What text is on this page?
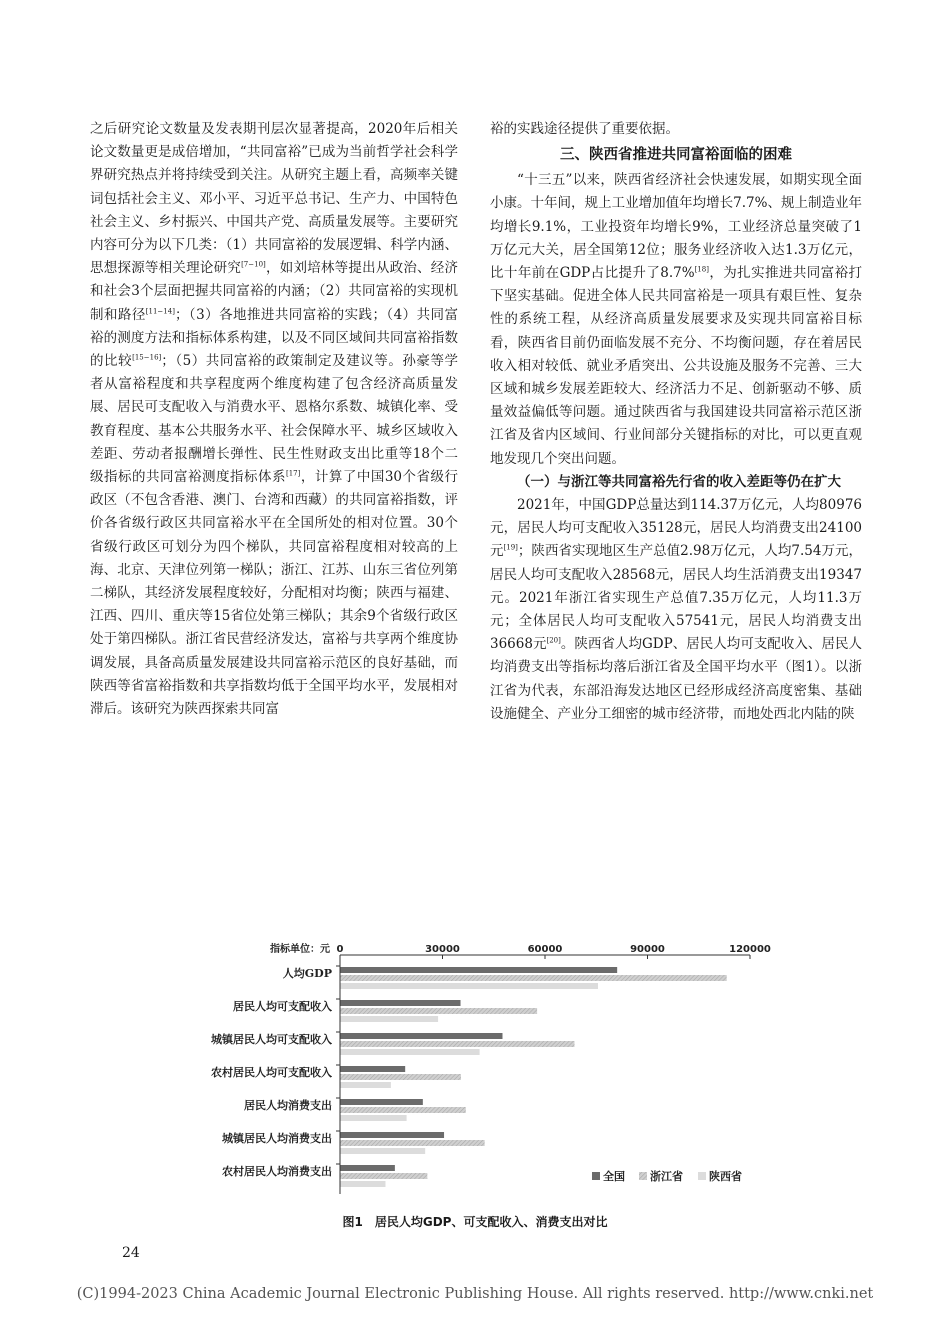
之后研究论文数量及发表期刊层次显著提高，2020年后相关论文数量更是成倍增加，“共同富裕”已成为当前哲学社会科学界研究热点并将持续受到关注。从研究主题上看，高频率关键词包括社会主义、邓小平、习近平总书记、生产力、中国特色社会主义、乡村振兴、中国共产党、高质量发展等。主要研究内容可分为以下几类：（1）共同富裕的发展逻辑、科学内涵、思想探源等相关理论研究[7−10]，如刘培林等提出从政治、经济和社会3个层面把握共同富裕的内涵；（2）共同富裕的实现机制和路径[11−14]；（3）各地推进共同富裕的实践；（4）共同富裕的测度方法和指标体系构建，以及不同区域间共同富裕指数的比较[15−16]；（5）共同富裕的政策制定及建议等。孙豪等学者从富裕程度和共享程度两个维度构建了包含经济高质量发展、居民可支配收入与消费水平、恩格尔系数、城镇化率、受教育程度、基本公共服务水平、社会保障水平、城乡区域收入差距、劳动者报酬增长弹性、民生性财政支出比重等18个二级指标的共同富裕测度指标体系[17]，计算了中国30个省级行政区（不包含香港、澳门、台湾和西藏）的共同富裕指数，评价各省级行政区共同富裕水平在全国所处的相对位置。30个省级行政区可划分为四个梯队，共同富裕程度相对较高的上海、北京、天津位列第一梯队；浙江、江苏、山东三省位列第二梯队，其经济发展程度较好，分配相对均衡；陕西与福建、江西、四川、重庆等15省位处第三梯队；其余9个省级行政区处于第四梯队。浙江省民营经济发达，富裕与共享两个维度协调发展，具备高质量发展建设共同富裕示范区的良好基础，而陕西等省富裕指数和共享指数均低于全国平均水平，发展相对滞后。该研究为陕西探索共同富

裕的实践途径提供了重要依据。

三、陕西省推进共同富裕面临的困难

“十三五”以来，陕西省经济社会快速发展，如期实现全面小康。十年间，规上工业增加值年均增长7.7%、规上制造业年均增长9.1%，工业投资年均增长9%，工业经济总量突破了1万亿元大关，居全国第12位；服务业经济收入达1.3万亿元，比十年前在GDP占比提升了8.7%[18]，为扎实推进共同富裕打下坚实基础。促进全体人民共同富裕是一项具有艰巨性、复杂性的系统工程，从经济高质量发展要求及实现共同富裕目标看，陕西省目前仍面临发展不充分、不均衡问题，存在着居民收入相对较低、就业矛盾突出、公共设施及服务不完善、三大区域和城乡发展差距较大、经济活力不足、创新驱动不够、质量效益偏低等问题。通过陕西省与我国建设共同富裕示范区浙江省及省内区域间、行业间部分关键指标的对比，可以更直观地发现几个突出问题。

（一）与浙江等共同富裕先行省的收入差距等仍在扩大

2021年，中国GDP总量达到114.37万亿元，人均80976元，居民人均可支配收入35128元，居民人均消费支出24100元[19]；陕西省实现地区生产总值2.98万亿元，人均7.54万元，居民人均可支配收入28568元，居民人均生活消费支出19347元。2021年浙江省实现生产总值7.35万亿元，人均11.3万元；全体居民人均可支配收入57541元，居民人均消费支出36668元[20]。陕西省人均GDP、居民人均可支配收入、居民人均消费支出等指标均落后浙江省及全国平均水平（图1）。以浙江省为代表，东部沿海发达地区已经形成经济高度密集、基础设施健全、产业分工细密的城市经济带，而地处西北内陆的陕

指标单位：元 0	30000	60000	90000	120000
人均GDP
居民人均可支配收入
城镇居民人均可支配收入
农村居民人均可支配收入
居民人均消费支出
城镇居民人均消费支出
农村居民人均消费支出	全国 浙江省 陕西省
图1　居民人均GDP、可支配收入、消费支出对比
24
(C)1994-2023 China Academic Journal Electronic Publishing House. All rights reserved. http://www.cnki.net
